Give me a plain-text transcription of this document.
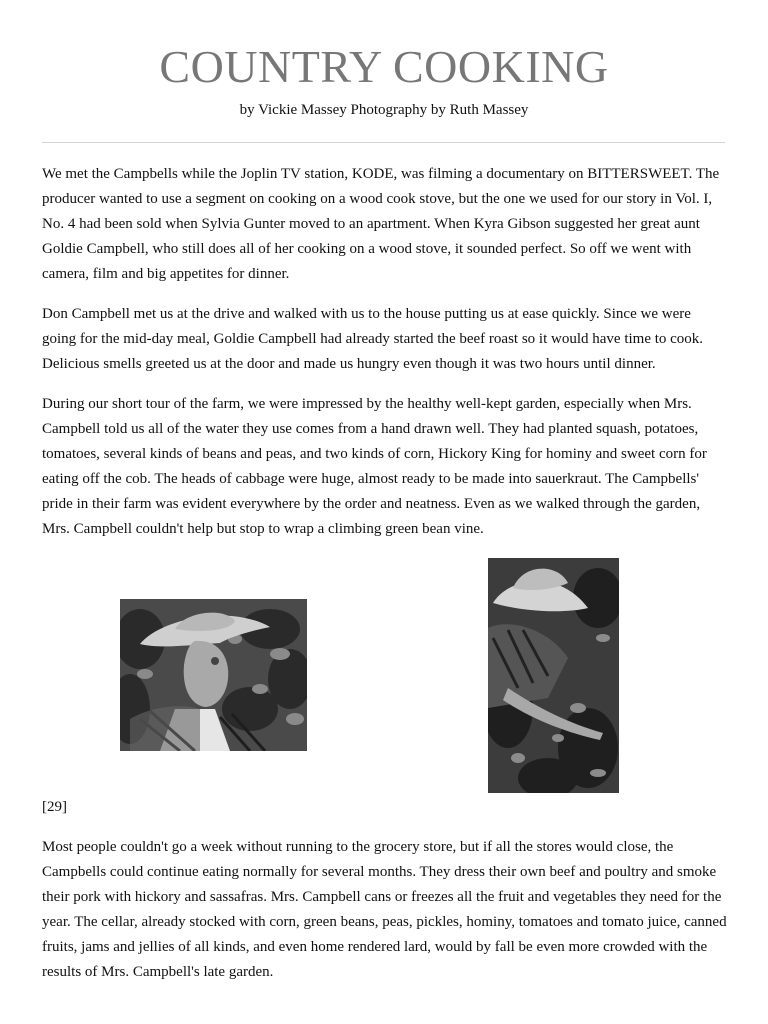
COUNTRY COOKING
by Vickie Massey Photography by Ruth Massey

We met the Campbells while the Joplin TV station, KODE, was filming a documentary on BITTERSWEET. The producer wanted to use a segment on cooking on a wood cook stove, but the one we used for our story in Vol. I, No. 4 had been sold when Sylvia Gunter moved to an apartment. When Kyra Gibson suggested her great aunt Goldie Campbell, who still does all of her cooking on a wood stove, it sounded perfect. So off we went with camera, film and big appetites for dinner.

Don Campbell met us at the drive and walked with us to the house putting us at ease quickly. Since we were going for the mid-day meal, Goldie Campbell had already started the beef roast so it would have time to cook. Delicious smells greeted us at the door and made us hungry even though it was two hours until dinner.

During our short tour of the farm, we were impressed by the healthy well-kept garden, especially when Mrs. Campbell told us all of the water they use comes from a hand drawn well. They had planted squash, potatoes, tomatoes, several kinds of beans and peas, and two kinds of corn, Hickory King for hominy and sweet corn for eating off the cob. The heads of cabbage were huge, almost ready to be made into sauerkraut. The Campbells' pride in their farm was evident everywhere by the order and neatness. Even as we walked through the garden, Mrs. Campbell couldn't help but stop to wrap a climbing green bean vine.

[29]

Most people couldn't go a week without running to the grocery store, but if all the stores would close, the Campbells could continue eating normally for several months. They dress their own beef and poultry and smoke their pork with hickory and sassafras. Mrs. Campbell cans or freezes all the fruit and vegetables they need for the year. The cellar, already stocked with corn, green beans, peas, pickles, hominy, tomatoes and tomato juice, canned fruits, jams and jellies of all kinds, and even home rendered lard, would by fall be even more crowded with the results of Mrs. Campbell's late garden.
